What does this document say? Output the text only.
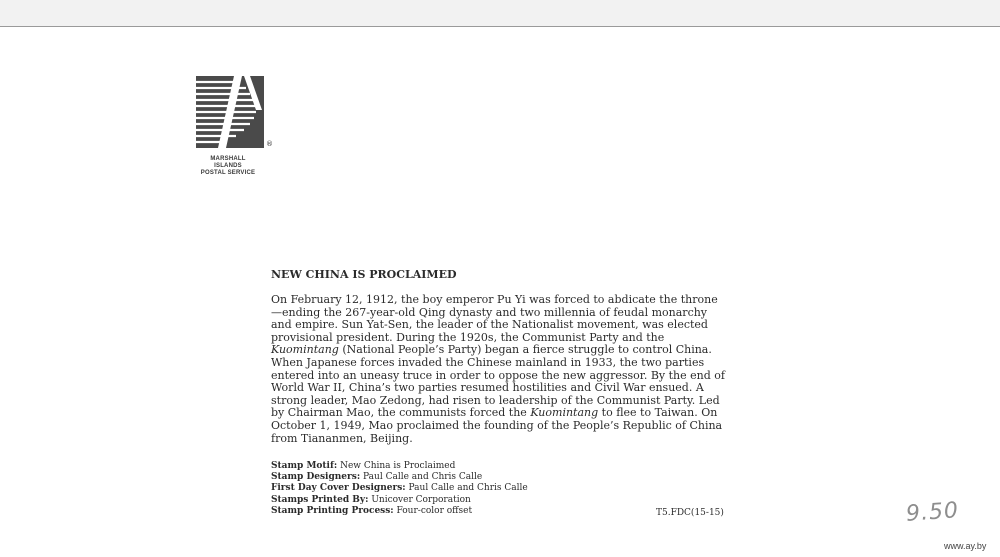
®
MARSHALL ISLANDS
POSTAL SERVICE
NEW CHINA IS PROCLAIMED

On February 12, 1912, the boy emperor Pu Yi was forced to abdicate the throne
—ending the 267-year-old Qing dynasty and two millennia of feudal monarchy
and empire. Sun Yat-Sen, the leader of the Nationalist movement, was elected
provisional president. During the 1920s, the Communist Party and the
Kuomintang (National People’s Party) began a fierce struggle to control China.
When Japanese forces invaded the Chinese mainland in 1933, the two parties
entered into an uneasy truce in order to oppose the new aggressor. By the end of
World War II, China’s two parties resumed hostilities and Civil War ensued. A
strong leader, Mao Zedong, had risen to leadership of the Communist Party. Led
by Chairman Mao, the communists forced the Kuomintang to flee to Taiwan. On
October 1, 1949, Mao proclaimed the founding of the People’s Republic of China
from Tiananmen, Beijing.

Stamp Motif: New China is Proclaimed
Stamp Designers: Paul Calle and Chris Calle
First Day Cover Designers: Paul Calle and Chris Calle
Stamps Printed By: Unicover Corporation
Stamp Printing Process: Four-color offset	T5.FDC(15-15)	9.50
www.ay.by
